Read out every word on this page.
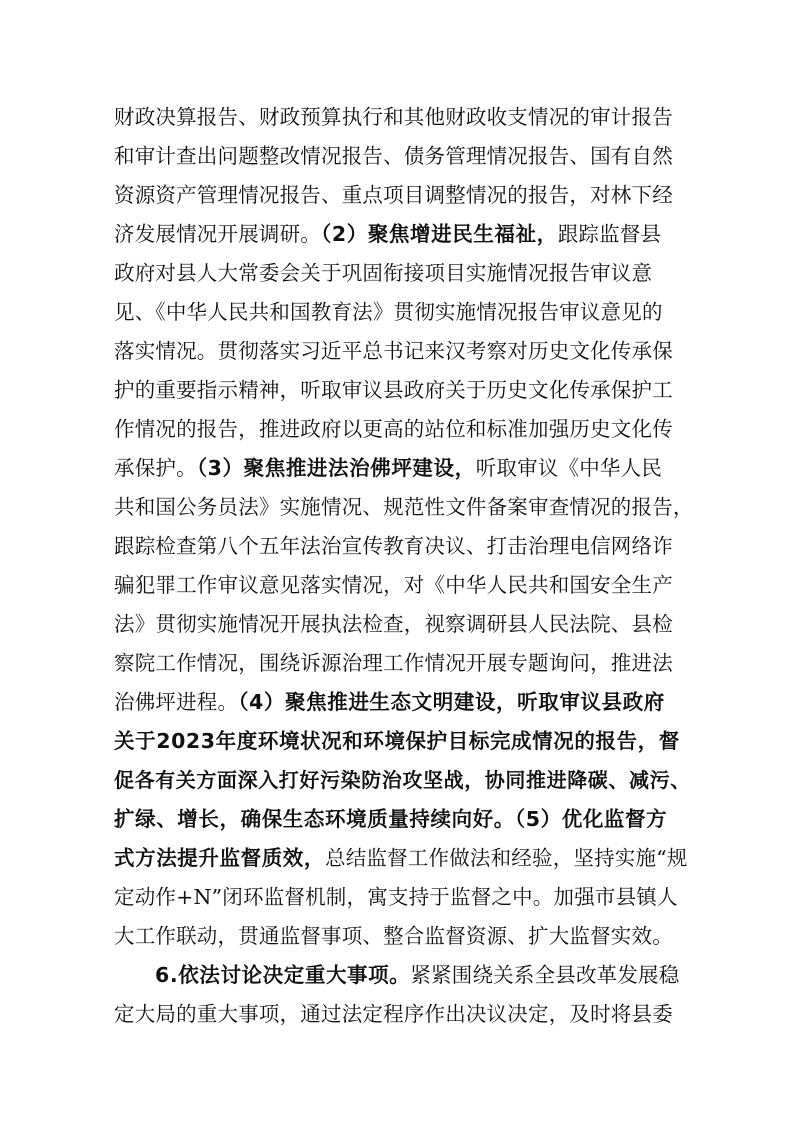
财政决算报告、财政预算执行和其他财政收支情况的审计报告
和审计查出问题整改情况报告、债务管理情况报告、国有自然
资源资产管理情况报告、重点项目调整情况的报告，对林下经
济发展情况开展调研。（2）聚焦增进民生福祉，跟踪监督县
政府对县人大常委会关于巩固衔接项目实施情况报告审议意
见、《中华人民共和国教育法》贯彻实施情况报告审议意见的
落实情况。贯彻落实习近平总书记来汉考察对历史文化传承保
护的重要指示精神，听取审议县政府关于历史文化传承保护工
作情况的报告，推进政府以更高的站位和标准加强历史文化传
承保护。（3）聚焦推进法治佛坪建设，听取审议《中华人民
共和国公务员法》实施情况、规范性文件备案审查情况的报告，
跟踪检查第八个五年法治宣传教育决议、打击治理电信网络诈
骗犯罪工作审议意见落实情况，对《中华人民共和国安全生产
法》贯彻实施情况开展执法检查，视察调研县人民法院、县检
察院工作情况，围绕诉源治理工作情况开展专题询问，推进法
治佛坪进程。（4）聚焦推进生态文明建设，听取审议县政府
关于2023年度环境状况和环境保护目标完成情况的报告，督
促各有关方面深入打好污染防治攻坚战，协同推进降碳、减污、
扩绿、增长，确保生态环境质量持续向好。（5）优化监督方
式方法提升监督质效，总结监督工作做法和经验，坚持实施“规
定动作+N”闭环监督机制，寓支持于监督之中。加强市县镇人
大工作联动，贯通监督事项、整合监督资源、扩大监督实效。
6.依法讨论决定重大事项。紧紧围绕关系全县改革发展稳
定大局的重大事项，通过法定程序作出决议决定，及时将县委
